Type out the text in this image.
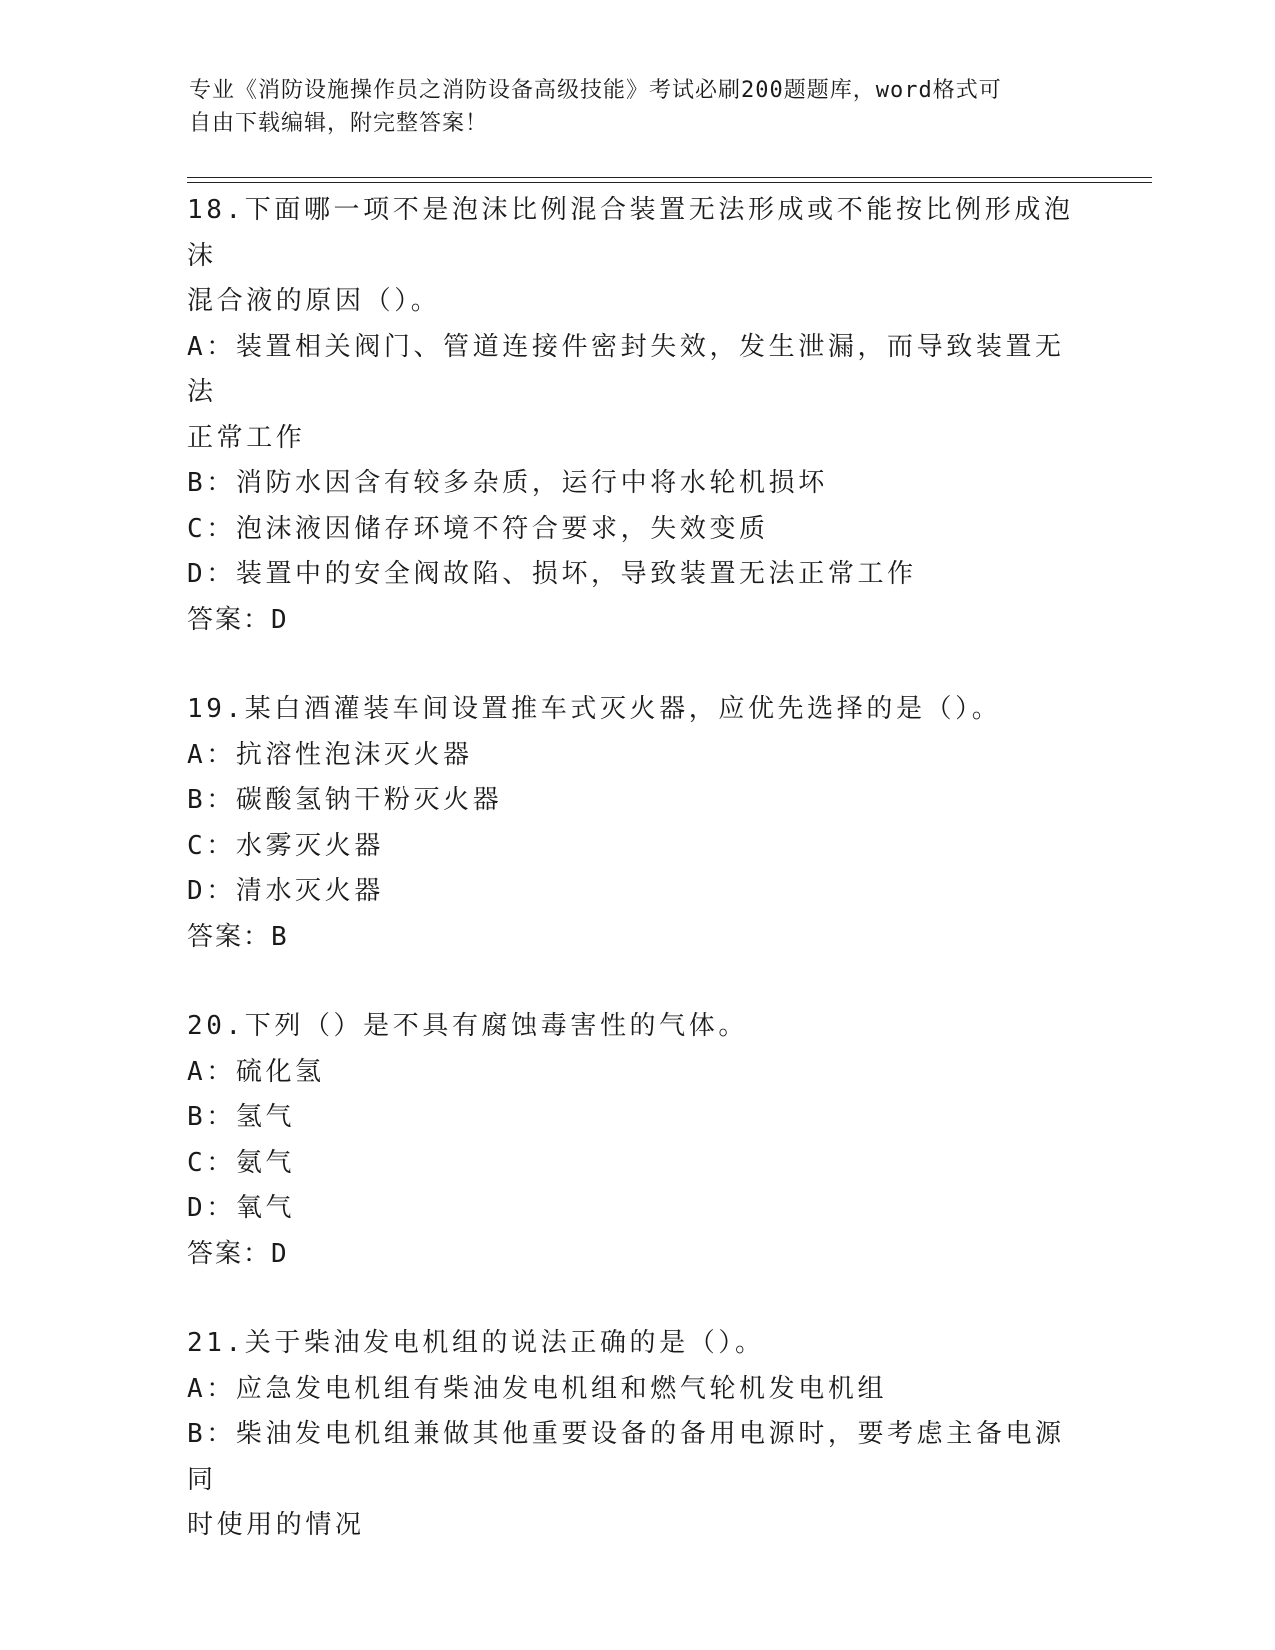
专业《消防设施操作员之消防设备高级技能》考试必刷200题题库，word格式可
自由下载编辑，附完整答案！
18.下面哪一项不是泡沫比例混合装置无法形成或不能按比例形成泡沫
混合液的原因（）。
A：装置相关阀门、管道连接件密封失效，发生泄漏，而导致装置无法
正常工作
B：消防水因含有较多杂质，运行中将水轮机损坏
C：泡沫液因储存环境不符合要求，失效变质
D：装置中的安全阀故陷、损坏，导致装置无法正常工作
答案：D
19.某白酒灌装车间设置推车式灭火器，应优先选择的是（）。
A：抗溶性泡沫灭火器
B：碳酸氢钠干粉灭火器
C：水雾灭火器
D：清水灭火器
答案：B
20.下列（）是不具有腐蚀毒害性的气体。
A：硫化氢
B：氢气
C：氨气
D：氧气
答案：D
21.关于柴油发电机组的说法正确的是（）。
A：应急发电机组有柴油发电机组和燃气轮机发电机组
B：柴油发电机组兼做其他重要设备的备用电源时，要考虑主备电源同
时使用的情况
